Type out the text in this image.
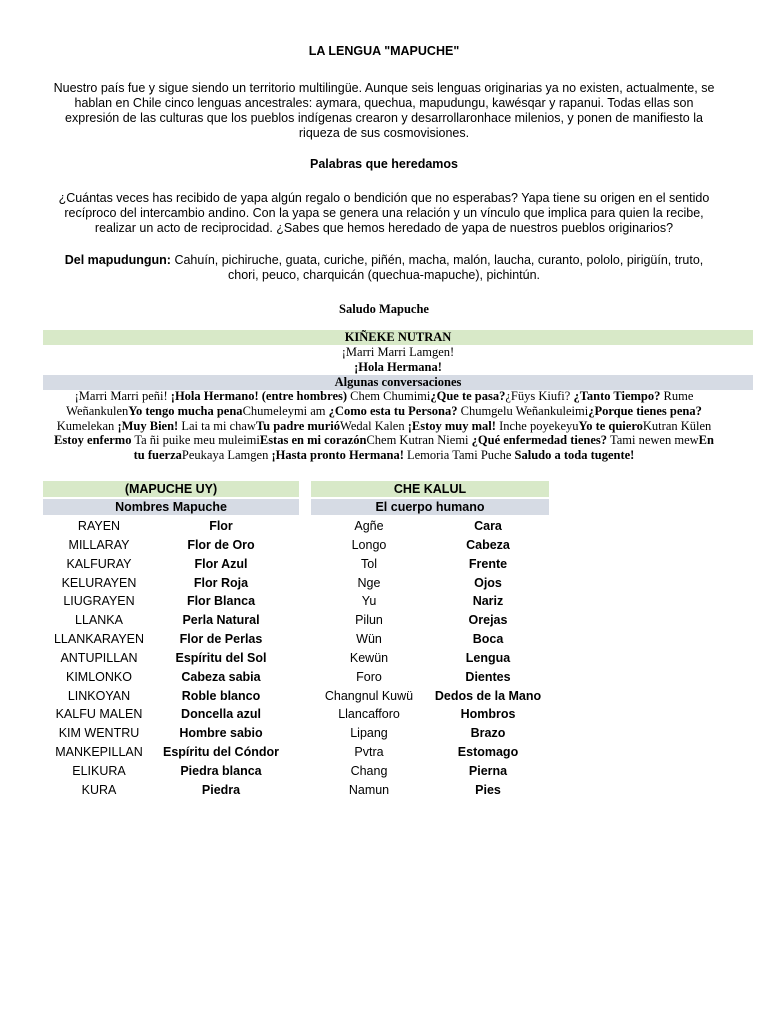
LA LENGUA "MAPUCHE"
Nuestro país fue y sigue siendo un territorio multilingüe. Aunque seis lenguas originarias ya no existen, actualmente, se hablan en Chile cinco lenguas ancestrales: aymara, quechua, mapudungu, kawésqar y rapanui. Todas ellas son expresión de las culturas que los pueblos indígenas crearon y desarrollaronhace milenios, y ponen de manifiesto la riqueza de sus cosmovisiones.
Palabras que heredamos
¿Cuántas veces has recibido de yapa algún regalo o bendición que no esperabas? Yapa tiene su origen en el sentido recíproco del intercambio andino. Con la yapa se genera una relación y un vínculo que implica para quien la recibe, realizar un acto de reciprocidad. ¿Sabes que hemos heredado de yapa de nuestros pueblos originarios?
Del mapudungun: Cahuín, pichiruche, guata, curiche, piñén, macha, malón, laucha, curanto, pololo, pirigüín, truto, chori, peuco, charquicán (quechua-mapuche), pichintún.
Saludo Mapuche
KIÑEKE NUTRAN
¡Marri Marri Lamgen!
¡Hola Hermana!
Algunas conversaciones
¡Marri Marri peñi! ¡Hola Hermano! (entre hombres) Chem Chumimi¿Que te pasa?¿Füys Kiufi? ¿Tanto Tiempo? Rume WeñankulenYo tengo mucha penaChumeleymi am ¿Como esta tu Persona? Chumgelu Weñankuleimi¿Porque tienes pena?Kumelekan ¡Muy Bien! Lai ta mi chawTu padre murióWedal Kalen ¡Estoy muy mal! Inche poyekeyuYo te quieroKutran Külen Estoy enfermo Ta ñi puike meu muleimiEstas en mi corazónChem Kutran Niemi ¿Qué enfermedad tienes? Tami newen mewEn tu fuerzaPeukaya Lamgen ¡Hasta pronto Hermana! Lemoria Tami Puche Saludo a toda tugente!
(MAPUCHE UY)
Nombres Mapuche
RAYEN
MILLARAY
KALFURAY
KELURAYEN
LIUGRAYEN
LLANKA
LLANKARAYEN
ANTUPILLAN
KIMLONKO
LINKOYAN
KALFU MALEN
KIM WENTRU
MANKEPILLAN
ELIKURA
KURA
Flor
Flor de Oro
Flor Azul
Flor Roja
Flor Blanca
Perla Natural
Flor de Perlas
Espíritu del Sol
Cabeza sabia
Roble blanco
Doncella azul
Hombre sabio
Espíritu del Cóndor
Piedra blanca
Piedra
CHE KALUL
El cuerpo humano
Agñe
Longo
Tol
Nge
Yu
Pilun
Wün
Kewün
Foro
Changnul Kuwü
Llancafforo
Lipang
Pvtra
Chang
Namun
Cara
Cabeza
Frente
Ojos
Nariz
Orejas
Boca
Lengua
Dientes
Dedos de la Mano
Hombros
Brazo
Estomago
Pierna
Pies
